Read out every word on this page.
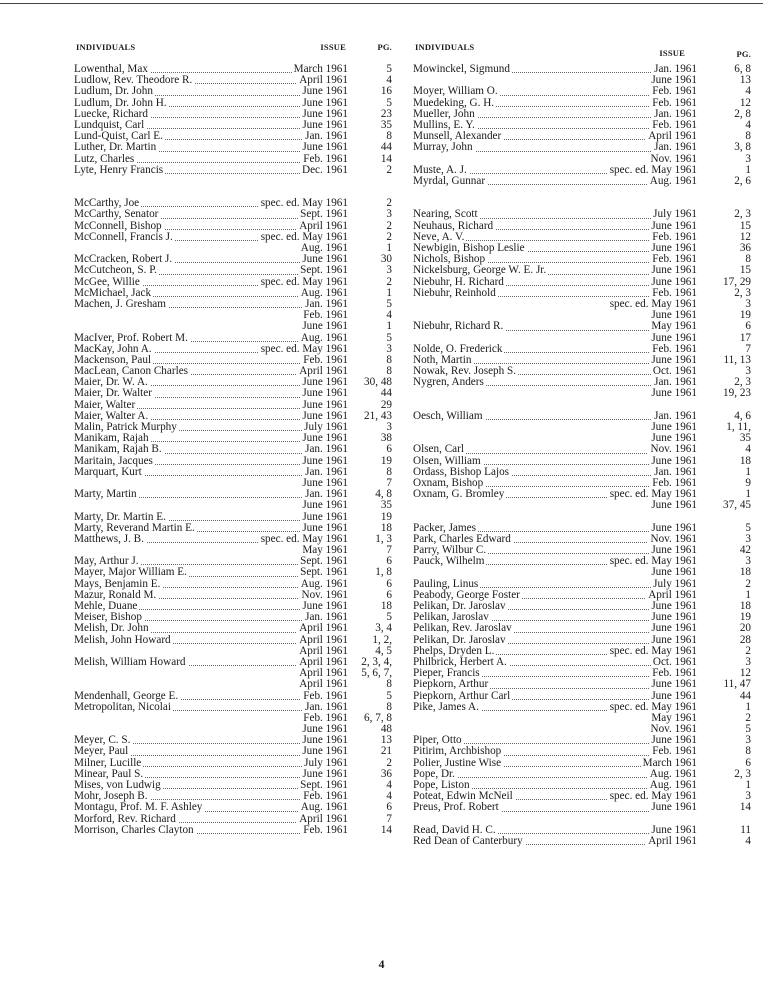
INDIVIDUALS	ISSUE	PG.
Lowenthal, Max	March 1961	5
Ludlow, Rev. Theodore R.	April 1961	4
Ludlum, Dr. John	June 1961	16
Ludlum, Dr. John H.	June 1961	5
Luecke, Richard	June 1961	23
Lundquist, Carl	June 1961	35
Lund-Quist, Carl E.	Jan. 1961	8
Luther, Dr. Martin	June 1961	44
Lutz, Charles	Feb. 1961	14
Lyte, Henry Francis	Dec. 1961	2
McCarthy, Joe	spec. ed. May 1961	2
McCarthy, Senator	Sept. 1961	3
McConnell, Bishop	April 1961	2
McConnell, Francis J.	spec. ed. May 1961	2
Aug. 1961	1
McCracken, Robert J.	June 1961	30
McCutcheon, S. P.	Sept. 1961	3
McGee, Willie	spec. ed. May 1961	2
McMichael, Jack	Aug. 1961	1
Machen, J. Gresham	Jan. 1961	5
Feb. 1961	4
June 1961	1
MacIver, Prof. Robert M.	Aug. 1961	5
MacKay, John A.	spec. ed. May 1961	3
Mackenson, Paul	Feb. 1961	8
MacLean, Canon Charles	April 1961	8
Maier, Dr. W. A.	June 1961	30, 48
Maier, Dr. Walter	June 1961	44
Maier, Walter	June 1961	29
Maier, Walter A.	June 1961	21, 43
Malin, Patrick Murphy	July 1961	3
Manikam, Rajah	June 1961	38
Manikam, Rajah B.	Jan. 1961	6
Maritain, Jacques	June 1961	19
Marquart, Kurt	Jan. 1961	8
June 1961	7
Marty, Martin	Jan. 1961	4, 8
June 1961	35
Marty, Dr. Martin E.	June 1961	19
Marty, Reverand Martin E.	June 1961	18
Matthews, J. B.	spec. ed. May 1961	1, 3
May 1961	7
May, Arthur J.	Sept. 1961	6
Mayer, Major William E.	Sept. 1961	1, 8
Mays, Benjamin E.	Aug. 1961	6
Mazur, Ronald M.	Nov. 1961	6
Mehle, Duane	June 1961	18
Meiser, Bishop	Jan. 1961	5
Melish, Dr. John	April 1961	3, 4
Melish, John Howard	April 1961	1, 2,
April 1961	4, 5
Melish, William Howard	April 1961	2, 3, 4,
April 1961	5, 6, 7,
April 1961	8
Mendenhall, George E.	Feb. 1961	5
Metropolitan, Nicolai	Jan. 1961	8
Feb. 1961	6, 7, 8
June 1961	48
Meyer, C. S.	June 1961	13
Meyer, Paul	June 1961	21
Milner, Lucille	July 1961	2
Minear, Paul S.	June 1961	36
Mises, von Ludwig	Sept. 1961	4
Mohr, Joseph B.	Feb. 1961	4
Montagu, Prof. M. F. Ashley	Aug. 1961	6
Morford, Rev. Richard	April 1961	7
Morrison, Charles Clayton	Feb. 1961	14
INDIVIDUALS
ISSUE	PG.
Mowinckel, Sigmund	Jan. 1961	6, 8
June 1961	13
Moyer, William O.	Feb. 1961	4
Muedeking, G. H.	Feb. 1961	12
Mueller, John	Jan. 1961	2, 8
Mullins, E. Y.	Feb. 1961	4
Munsell, Alexander	April 1961	8
Murray, John	Jan. 1961	3, 8
Nov. 1961	3
Muste, A. J.	spec. ed. May 1961	1
Myrdal, Gunnar	Aug. 1961	2, 6
Nearing, Scott	July 1961	2, 3
Neuhaus, Richard	June 1961	15
Neve, A. V.	Feb. 1961	12
Newbigin, Bishop Leslie	June 1961	36
Nichols, Bishop	Feb. 1961	8
Nickelsburg, George W. E. Jr.	June 1961	15
Niebuhr, H. Richard	June 1961	17, 29
Niebuhr, Reinhold	Feb. 1961	2, 3
spec. ed. May 1961	3
June 1961	19
Niebuhr, Richard R.	May 1961	6
June 1961	17
Nolde, O. Frederick	Feb. 1961	7
Noth, Martin	June 1961	11, 13
Nowak, Rev. Joseph S.	Oct. 1961	3
Nygren, Anders	Jan. 1961	2, 3
June 1961	19, 23
Oesch, William	Jan. 1961	4, 6
June 1961	1, 11,
June 1961	35
Olsen, Carl	Nov. 1961	4
Olsen, William	June 1961	18
Ordass, Bishop Lajos	Jan. 1961	1
Oxnam, Bishop	Feb. 1961	9
Oxnam, G. Bromley	spec. ed. May 1961	1
June 1961	37, 45
Packer, James	June 1961	5
Park, Charles Edward	Nov. 1961	3
Parry, Wilbur C.	June 1961	42
Pauck, Wilhelm	spec. ed. May 1961	3
June 1961	18
Pauling, Linus	July 1961	2
Peabody, George Foster	April 1961	1
Pelikan, Dr. Jaroslav	June 1961	18
Pelikan, Jaroslav	June 1961	19
Pelikan, Rev. Jaroslav	June 1961	20
Pelikan, Dr. Jaroslav	June 1961	28
Phelps, Dryden L.	spec. ed. May 1961	2
Philbrick, Herbert A.	Oct. 1961	3
Pieper, Francis	Feb. 1961	12
Piepkorn, Arthur	June 1961	11, 47
Piepkorn, Arthur Carl	June 1961	44
Pike, James A.	spec. ed. May 1961	1
May 1961	2
Nov. 1961	5
Piper, Otto	June 1961	3
Pitirim, Archbishop	Feb. 1961	8
Polier, Justine Wise	March 1961	6
Pope, Dr.	Aug. 1961	2, 3
Pope, Liston	Aug. 1961	1
Poteat, Edwin McNeil	spec. ed. May 1961	3
Preus, Prof. Robert	June 1961	14
Read, David H. C.	June 1961	11
Red Dean of Canterbury	April 1961	4
4
